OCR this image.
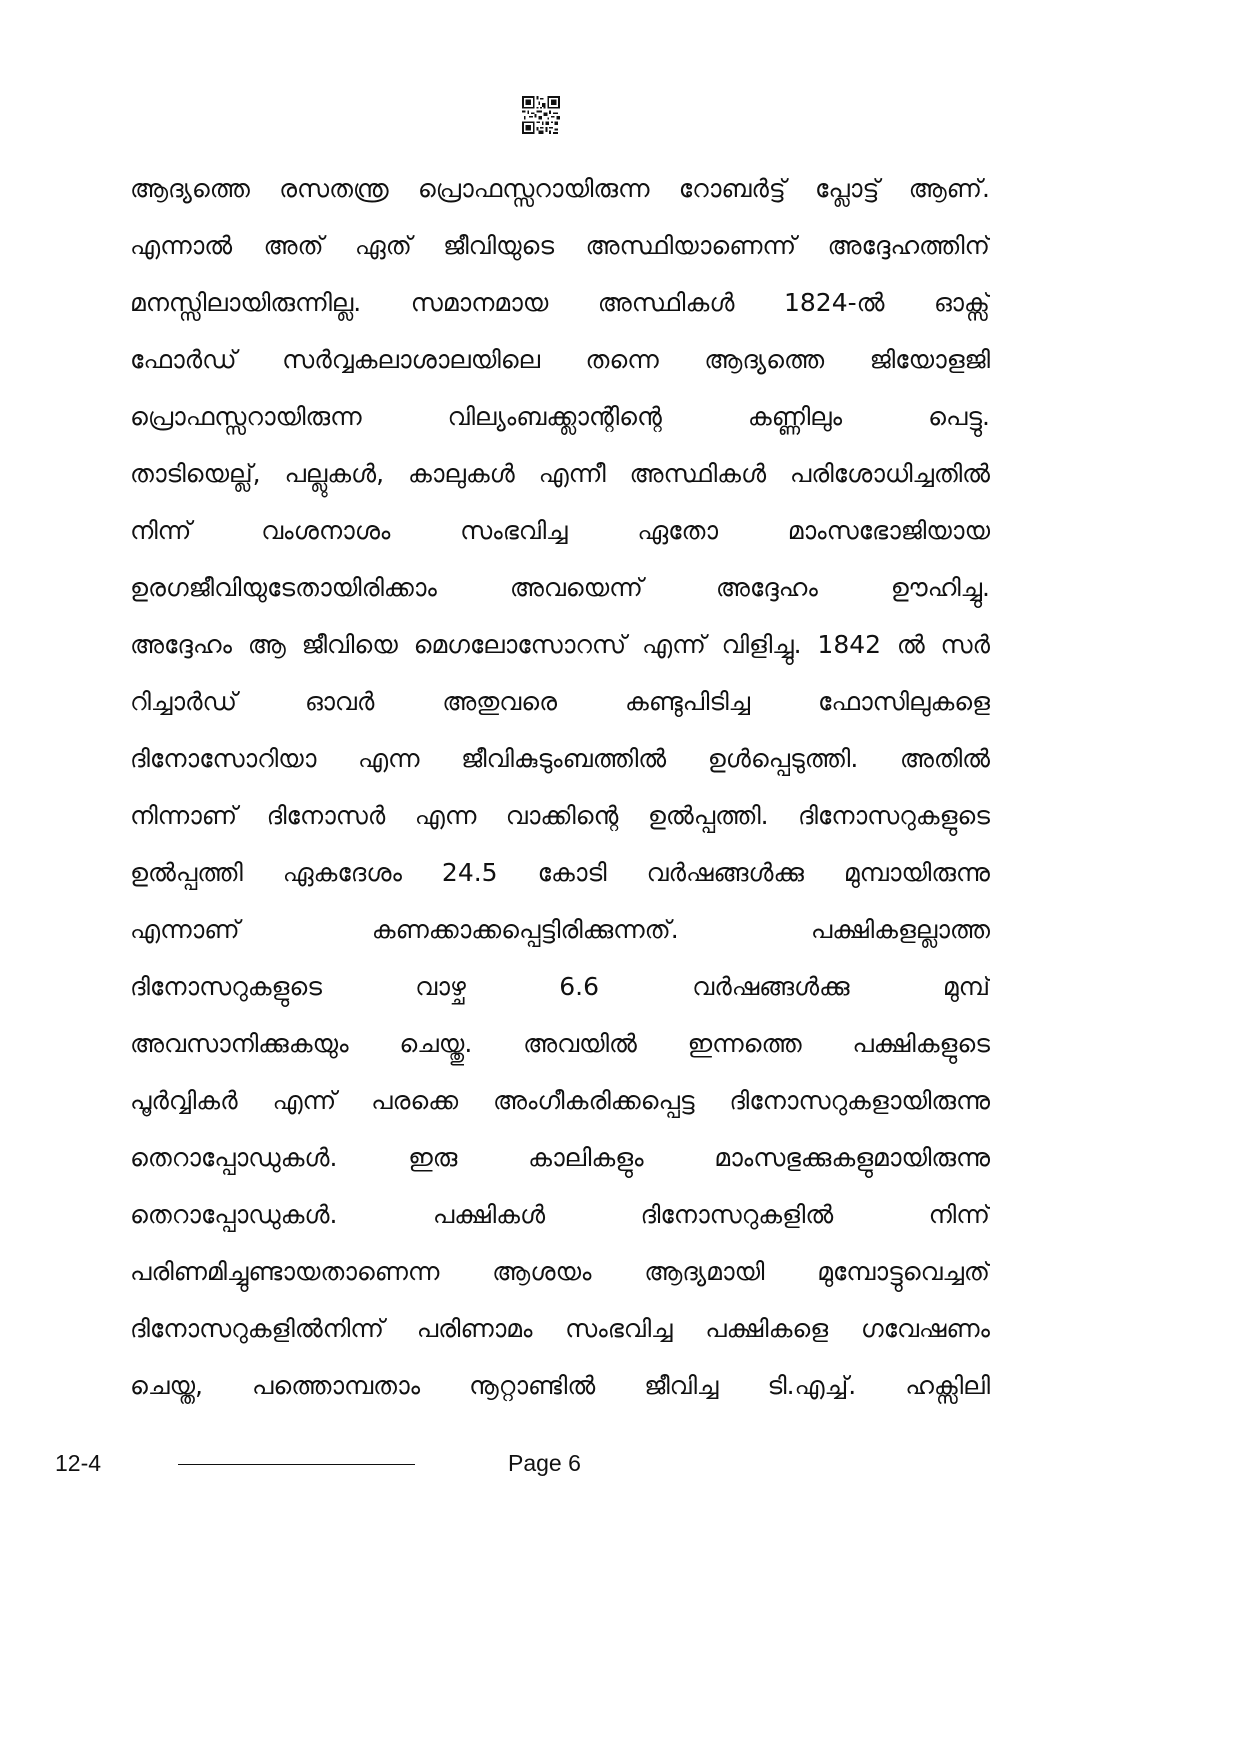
ആദ്യത്തെ രസതന്ത്ര പ്രൊഫസ്സറായിരുന്ന റോബർട്ട് പ്ലോട്ട് ആണ്.
എന്നാൽ അത് ഏത് ജീവിയുടെ അസ്ഥിയാണെന്ന് അദ്ദേഹത്തിന്
മനസ്സിലായിരുന്നില്ല. സമാനമായ അസ്ഥികൾ 1824-ൽ ഓക്സ്
ഫോർഡ് സർവ്വകലാശാലയിലെ തന്നെ ആദ്യത്തെ ജിയോളജി
പ്രൊഫസ്സറായിരുന്ന വില്യംബക്ക്ലാന്റിന്റെ കണ്ണിലും പെട്ടു.
താടിയെല്ല്, പല്ലുകൾ, കാലുകൾ എന്നീ അസ്ഥികൾ പരിശോധിച്ചതിൽ
നിന്ന് വംശനാശം സംഭവിച്ച ഏതോ മാംസഭോജിയായ
ഉരഗജീവിയുടേതായിരിക്കാം അവയെന്ന് അദ്ദേഹം ഊഹിച്ചു.
അദ്ദേഹം ആ ജീവിയെ മെഗലോസോറസ് എന്ന് വിളിച്ചു. 1842 ൽ സർ
റിച്ചാർഡ് ഓവർ അതുവരെ കണ്ടുപിടിച്ച ഫോസിലുകളെ
ദിനോസോറിയാ എന്ന ജീവികുടുംബത്തിൽ ഉൾപ്പെടുത്തി. അതിൽ
നിന്നാണ് ദിനോസർ എന്ന വാക്കിന്റെ ഉൽപ്പത്തി. ദിനോസറുകളുടെ
ഉൽപ്പത്തി ഏകദേശം 24.5 കോടി വർഷങ്ങൾക്കു മുമ്പായിരുന്നു
എന്നാണ് കണക്കാക്കപ്പെട്ടിരിക്കുന്നത്. പക്ഷികളല്ലാത്ത
ദിനോസറുകളുടെ വാഴ്ച 6.6 വർഷങ്ങൾക്കു മുമ്പ്
അവസാനിക്കുകയും ചെയ്തു. അവയിൽ ഇന്നത്തെ പക്ഷികളുടെ
പൂർവ്വികർ എന്ന് പരക്കെ അംഗീകരിക്കപ്പെട്ട ദിനോസറുകളായിരുന്നു
തെറാപ്പോഡുകൾ. ഇരു കാലികളും മാംസഭുക്കുകളുമായിരുന്നു
തെറാപ്പോഡുകൾ. പക്ഷികൾ ദിനോസറുകളിൽ നിന്ന്
പരിണമിച്ചുണ്ടായതാണെന്ന ആശയം ആദ്യമായി മുമ്പോട്ടുവെച്ചത്
ദിനോസറുകളിൽനിന്ന് പരിണാമം സംഭവിച്ച പക്ഷികളെ ഗവേഷണം
ചെയ്ത, പത്തൊമ്പതാം നൂറ്റാണ്ടിൽ ജീവിച്ച ടി.എച്ച്. ഹക്സിലി
12-4	Page 6
